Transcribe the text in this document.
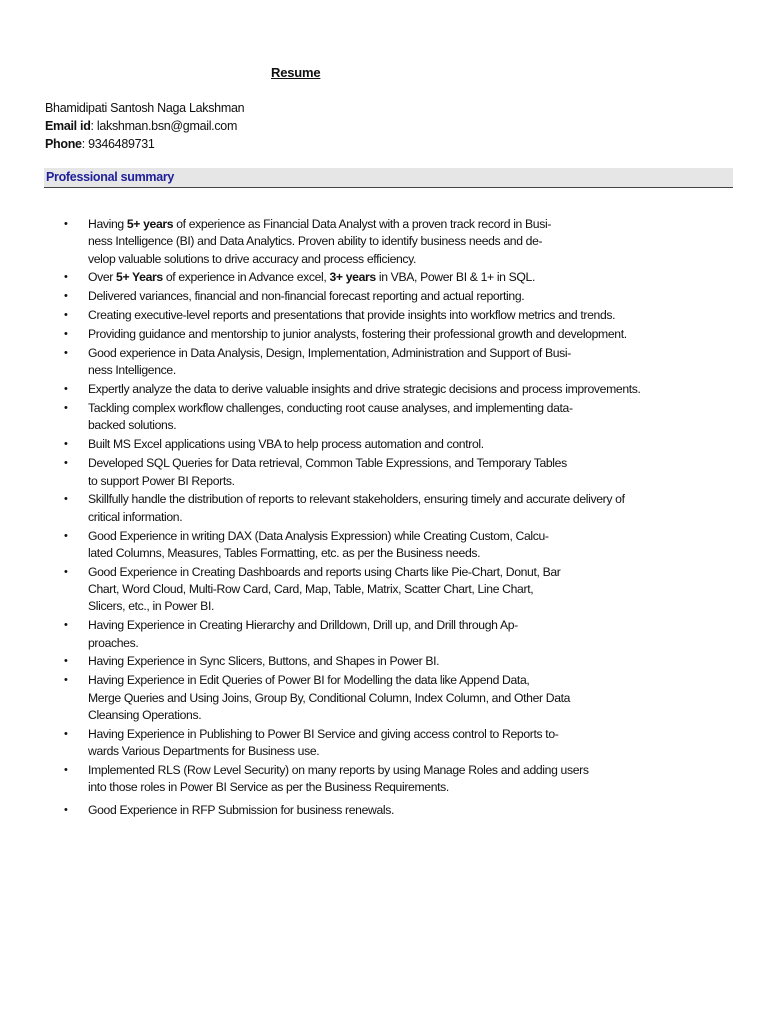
Resume
Bhamidipati Santosh Naga Lakshman
Email id: lakshman.bsn@gmail.com
Phone: 9346489731
Professional summary
• Having 5+ years of experience as Financial Data Analyst with a proven track record in Busi-
ness Intelligence (BI) and Data Analytics. Proven ability to identify business needs and de-
velop valuable solutions to drive accuracy and process efficiency.
• Over 5+ Years of experience in Advance excel, 3+ years in VBA, Power BI & 1+ in SQL.
• Delivered variances, financial and non-financial forecast reporting and actual reporting.
• Creating executive-level reports and presentations that provide insights into workflow metrics and trends.
• Providing guidance and mentorship to junior analysts, fostering their professional growth and development.
• Good experience in Data Analysis, Design, Implementation, Administration and Support of Busi-
ness Intelligence.
• Expertly analyze the data to derive valuable insights and drive strategic decisions and process improvements.
• Tackling complex workflow challenges, conducting root cause analyses, and implementing data-
backed solutions.
• Built MS Excel applications using VBA to help process automation and control.
• Developed SQL Queries for Data retrieval, Common Table Expressions, and Temporary Tables
to support Power BI Reports.
• Skillfully handle the distribution of reports to relevant stakeholders, ensuring timely and accurate delivery of
critical information.
• Good Experience in writing DAX (Data Analysis Expression) while Creating Custom, Calcu-
lated Columns, Measures, Tables Formatting, etc. as per the Business needs.
• Good Experience in Creating Dashboards and reports using Charts like Pie-Chart, Donut, Bar
Chart, Word Cloud, Multi-Row Card, Card, Map, Table, Matrix, Scatter Chart, Line Chart,
Slicers, etc., in Power BI.
• Having Experience in Creating Hierarchy and Drilldown, Drill up, and Drill through Ap-
proaches.
• Having Experience in Sync Slicers, Buttons, and Shapes in Power BI.
• Having Experience in Edit Queries of Power BI for Modelling the data like Append Data,
Merge Queries and Using Joins, Group By, Conditional Column, Index Column, and Other Data
Cleansing Operations.
• Having Experience in Publishing to Power BI Service and giving access control to Reports to-
wards Various Departments for Business use.
• Implemented RLS (Row Level Security) on many reports by using Manage Roles and adding users
into those roles in Power BI Service as per the Business Requirements.
• Good Experience in RFP Submission for business renewals.
